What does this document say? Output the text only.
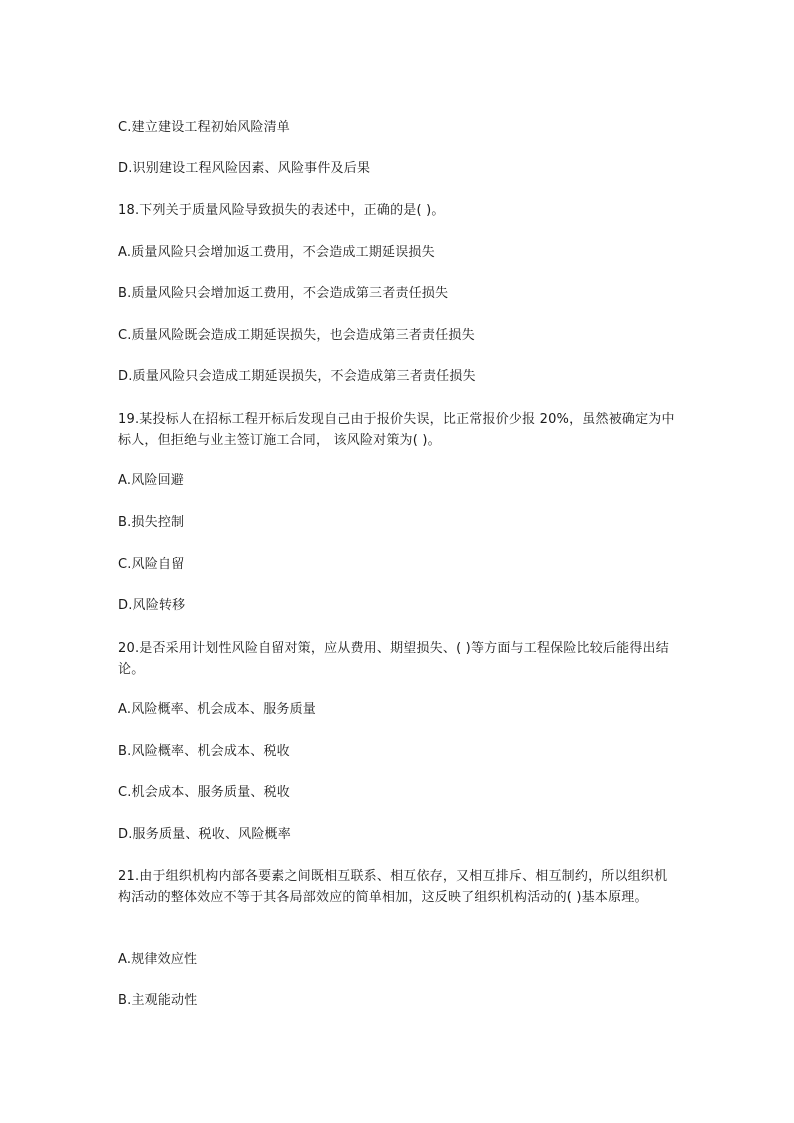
C.建立建设工程初始风险清单
D.识别建设工程风险因素、风险事件及后果
18.下列关于质量风险导致损失的表述中，正确的是( )。
A.质量风险只会增加返工费用，不会造成工期延误损失
B.质量风险只会增加返工费用，不会造成第三者责任损失
C.质量风险既会造成工期延误损失，也会造成第三者责任损失
D.质量风险只会造成工期延误损失，不会造成第三者责任损失
19.某投标人在招标工程开标后发现自己由于报价失误，比正常报价少报 20%，虽然被确定为中标人，但拒绝与业主签订施工合同， 该风险对策为( )。
A.风险回避
B.损失控制
C.风险自留
D.风险转移
20.是否采用计划性风险自留对策，应从费用、期望损失、( )等方面与工程保险比较后能得出结论。
A.风险概率、机会成本、服务质量
B.风险概率、机会成本、税收
C.机会成本、服务质量、税收
D.服务质量、税收、风险概率
21.由于组织机构内部各要素之间既相互联系、相互依存，又相互排斥、相互制约，所以组织机构活动的整体效应不等于其各局部效应的简单相加，这反映了组织机构活动的( )基本原理。
A.规律效应性
B.主观能动性
